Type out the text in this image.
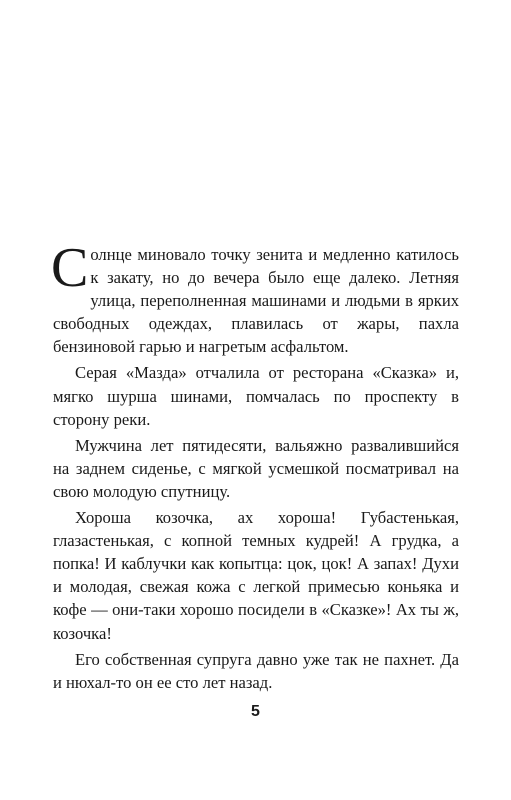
Солнце миновало точку зенита и медленно катилось к закату, но до вечера было еще далеко. Летняя улица, переполненная машинами и людьми в ярких свободных одеждах, плавилась от жары, пахла бензиновой гарью и нагретым асфальтом.

Серая «Мазда» отчалила от ресторана «Сказка» и, мягко шурша шинами, помчалась по проспекту в сторону реки.

Мужчина лет пятидесяти, вальяжно развалившийся на заднем сиденье, с мягкой усмешкой посматривал на свою молодую спутницу.

Хороша козочка, ах хороша! Губастенькая, глазастенькая, с копной темных кудрей! А грудка, а попка! И каблучки как копытца: цок, цок! А запах! Духи и молодая, свежая кожа с легкой примесью коньяка и кофе — они-таки хорошо посидели в «Сказке»! Ах ты ж, козочка!

Его собственная супруга давно уже так не пахнет. Да и нюхал-то он ее сто лет назад.

5
